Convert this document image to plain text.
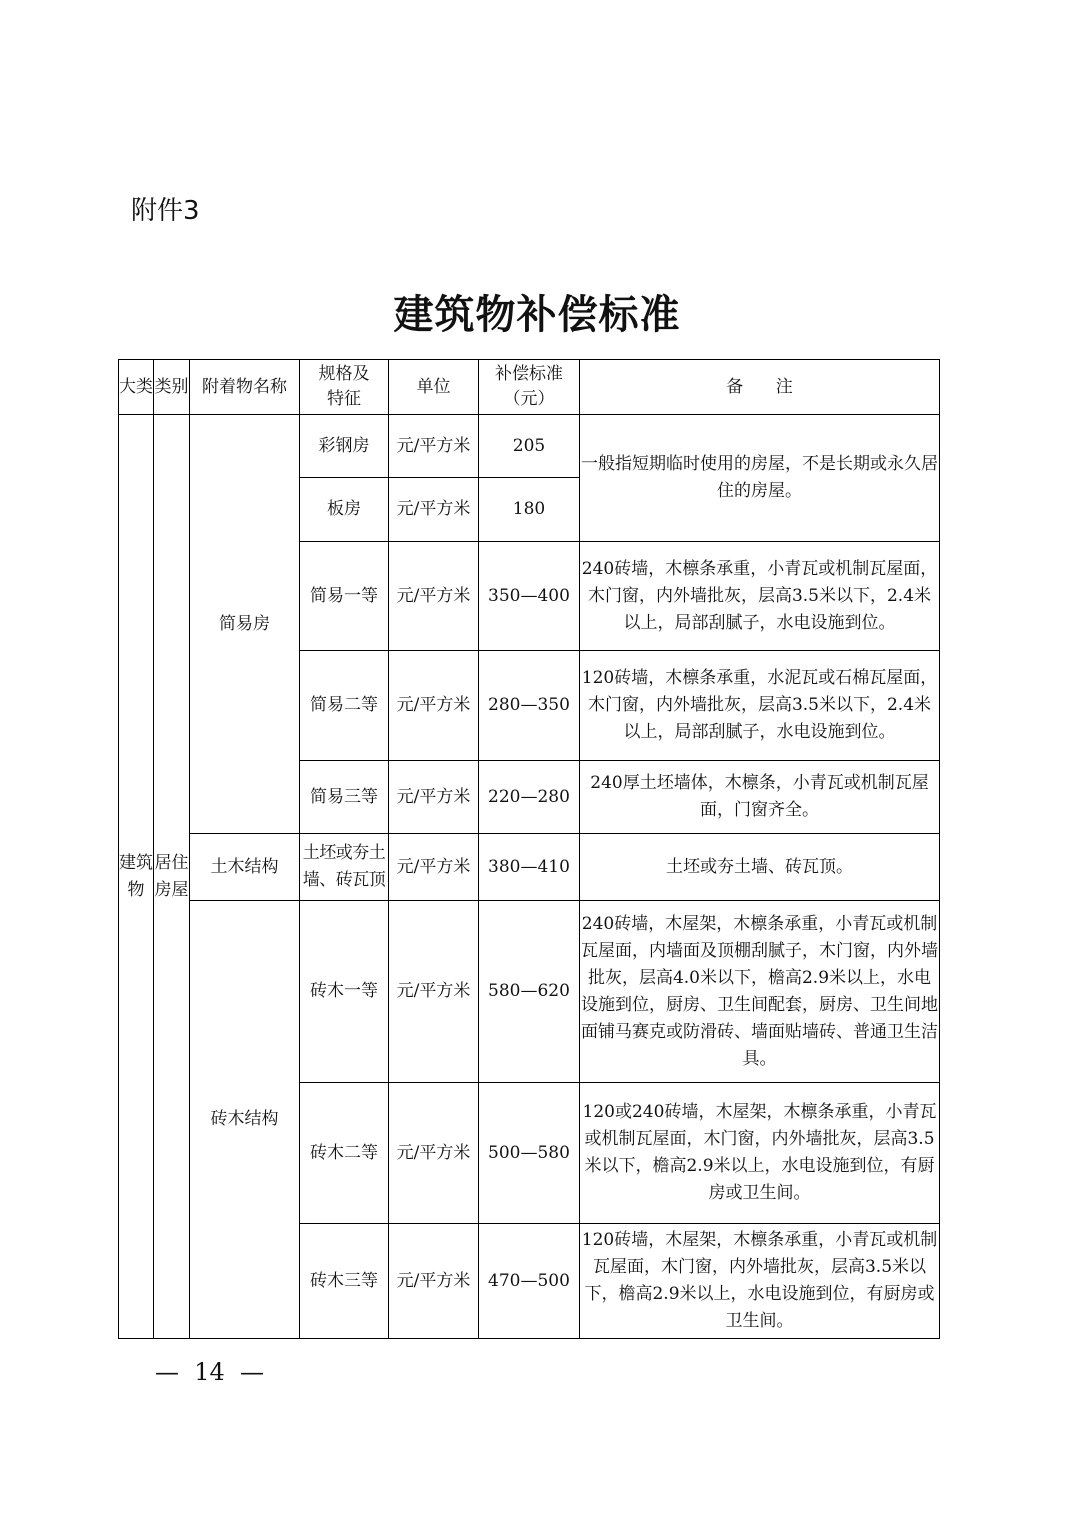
附件3
建筑物补偿标准
大类	类别	附着物名称	规格及特征	单位	补偿标准（元）	备      注
建筑物	居住房屋	简易房	彩钢房	元/平方米	205	一般指短期临时使用的房屋，不是长期或永久居住的房屋。
			板房	元/平方米	180	
			简易一等	元/平方米	350—400	240砖墙，木檩条承重，小青瓦或机制瓦屋面，木门窗，内外墙批灰，层高3.5米以下，2.4米以上，局部刮腻子，水电设施到位。
			简易二等	元/平方米	280—350	120砖墙，木檩条承重，水泥瓦或石棉瓦屋面，木门窗，内外墙批灰，层高3.5米以下，2.4米以上，局部刮腻子，水电设施到位。
			简易三等	元/平方米	220—280	240厚土坯墙体，木檩条，小青瓦或机制瓦屋面，门窗齐全。
		土木结构	土坯或夯土墙、砖瓦顶	元/平方米	380—410	土坯或夯土墙、砖瓦顶。
		砖木结构	砖木一等	元/平方米	580—620	240砖墙，木屋架，木檩条承重，小青瓦或机制瓦屋面，内墙面及顶棚刮腻子，木门窗，内外墙批灰，层高4.0米以下，檐高2.9米以上，水电设施到位，厨房、卫生间配套，厨房、卫生间地面铺马赛克或防滑砖、墙面贴墙砖、普通卫生洁具。
			砖木二等	元/平方米	500—580	120或240砖墙，木屋架，木檩条承重，小青瓦或机制瓦屋面，木门窗，内外墙批灰，层高3.5米以下，檐高2.9米以上，水电设施到位，有厨房或卫生间。
			砖木三等	元/平方米	470—500	120砖墙，木屋架，木檩条承重，小青瓦或机制瓦屋面，木门窗，内外墙批灰，层高3.5米以下，檐高2.9米以上，水电设施到位，有厨房或卫生间。
—  14  —
